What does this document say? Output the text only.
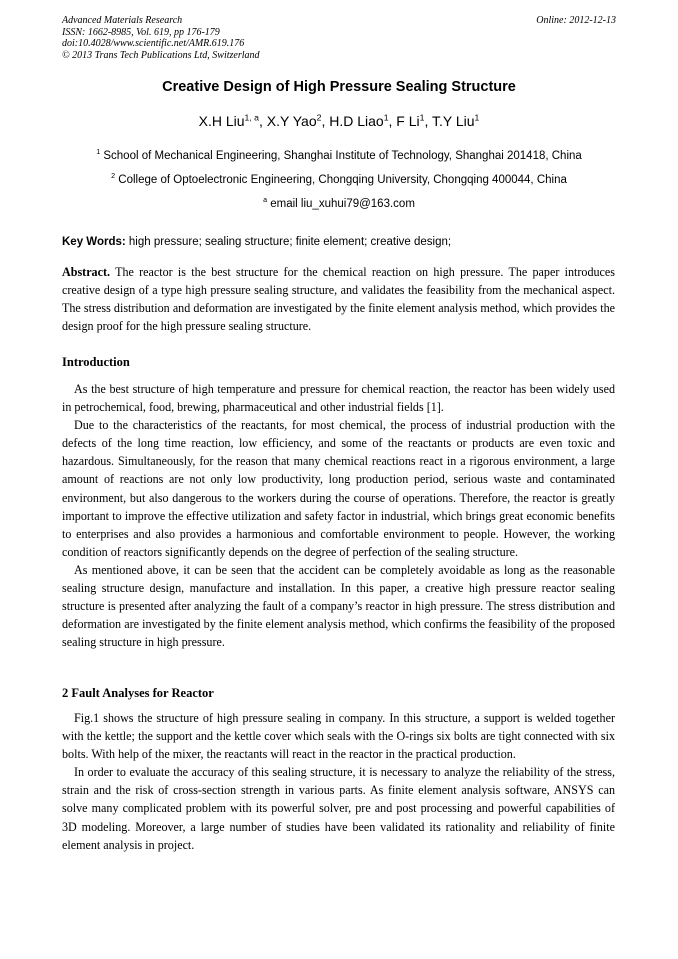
Advanced Materials Research
ISSN: 1662-8985, Vol. 619, pp 176-179
doi:10.4028/www.scientific.net/AMR.619.176
© 2013 Trans Tech Publications Ltd, Switzerland
Online: 2012-12-13
Creative Design of High Pressure Sealing Structure
X.H Liu$^{1, a}$, X.Y Yao$^2$, H.D Liao$^1$, F Li$^1$, T.Y Liu$^1$
$^1$ School of Mechanical Engineering, Shanghai Institute of Technology, Shanghai 201418, China
$^2$ College of Optoelectronic Engineering, Chongqing University, Chongqing 400044, China
$^a$ email liu_xuhui79@163.com
Key Words: high pressure; sealing structure; finite element; creative design;

Abstract. The reactor is the best structure for the chemical reaction on high pressure. The paper introduces creative design of a type high pressure sealing structure, and validates the feasibility from the mechanical aspect. The stress distribution and deformation are investigated by the finite element analysis method, which provides the design proof for the high pressure sealing structure.

Introduction

As the best structure of high temperature and pressure for chemical reaction, the reactor has been widely used in petrochemical, food, brewing, pharmaceutical and other industrial fields [1].

Due to the characteristics of the reactants, for most chemical, the process of industrial production with the defects of the long time reaction, low efficiency, and some of the reactants or products are even toxic and hazardous. Simultaneously, for the reason that many chemical reactions react in a rigorous environment, a large amount of reactions are not only low productivity, long production period, serious waste and contaminated environment, but also dangerous to the workers during the course of operations. Therefore, the reactor is greatly important to improve the effective utilization and safety factor in industrial, which brings great economic benefits to enterprises and also provides a harmonious and comfortable environment to people. However, the working condition of reactors significantly depends on the degree of perfection of the sealing structure.

As mentioned above, it can be seen that the accident can be completely avoidable as long as the reasonable sealing structure design, manufacture and installation. In this paper, a creative high pressure reactor sealing structure is presented after analyzing the fault of a company’s reactor in high pressure. The stress distribution and deformation are investigated by the finite element analysis method, which confirms the feasibility of the proposed sealing structure in high pressure.

2 Fault Analyses for Reactor

Fig.1 shows the structure of high pressure sealing in company. In this structure, a support is welded together with the kettle; the support and the kettle cover which seals with the O-rings six bolts are tight connected with six bolts. With help of the mixer, the reactants will react in the reactor in the practical production.

In order to evaluate the accuracy of this sealing structure, it is necessary to analyze the reliability of the stress, strain and the risk of cross-section strength in various parts. As finite element analysis software, ANSYS can solve many complicated problem with its powerful solver, pre and post processing and powerful capabilities of 3D modeling. Moreover, a large number of studies have been validated its rationality and reliability of finite element analysis in project.
